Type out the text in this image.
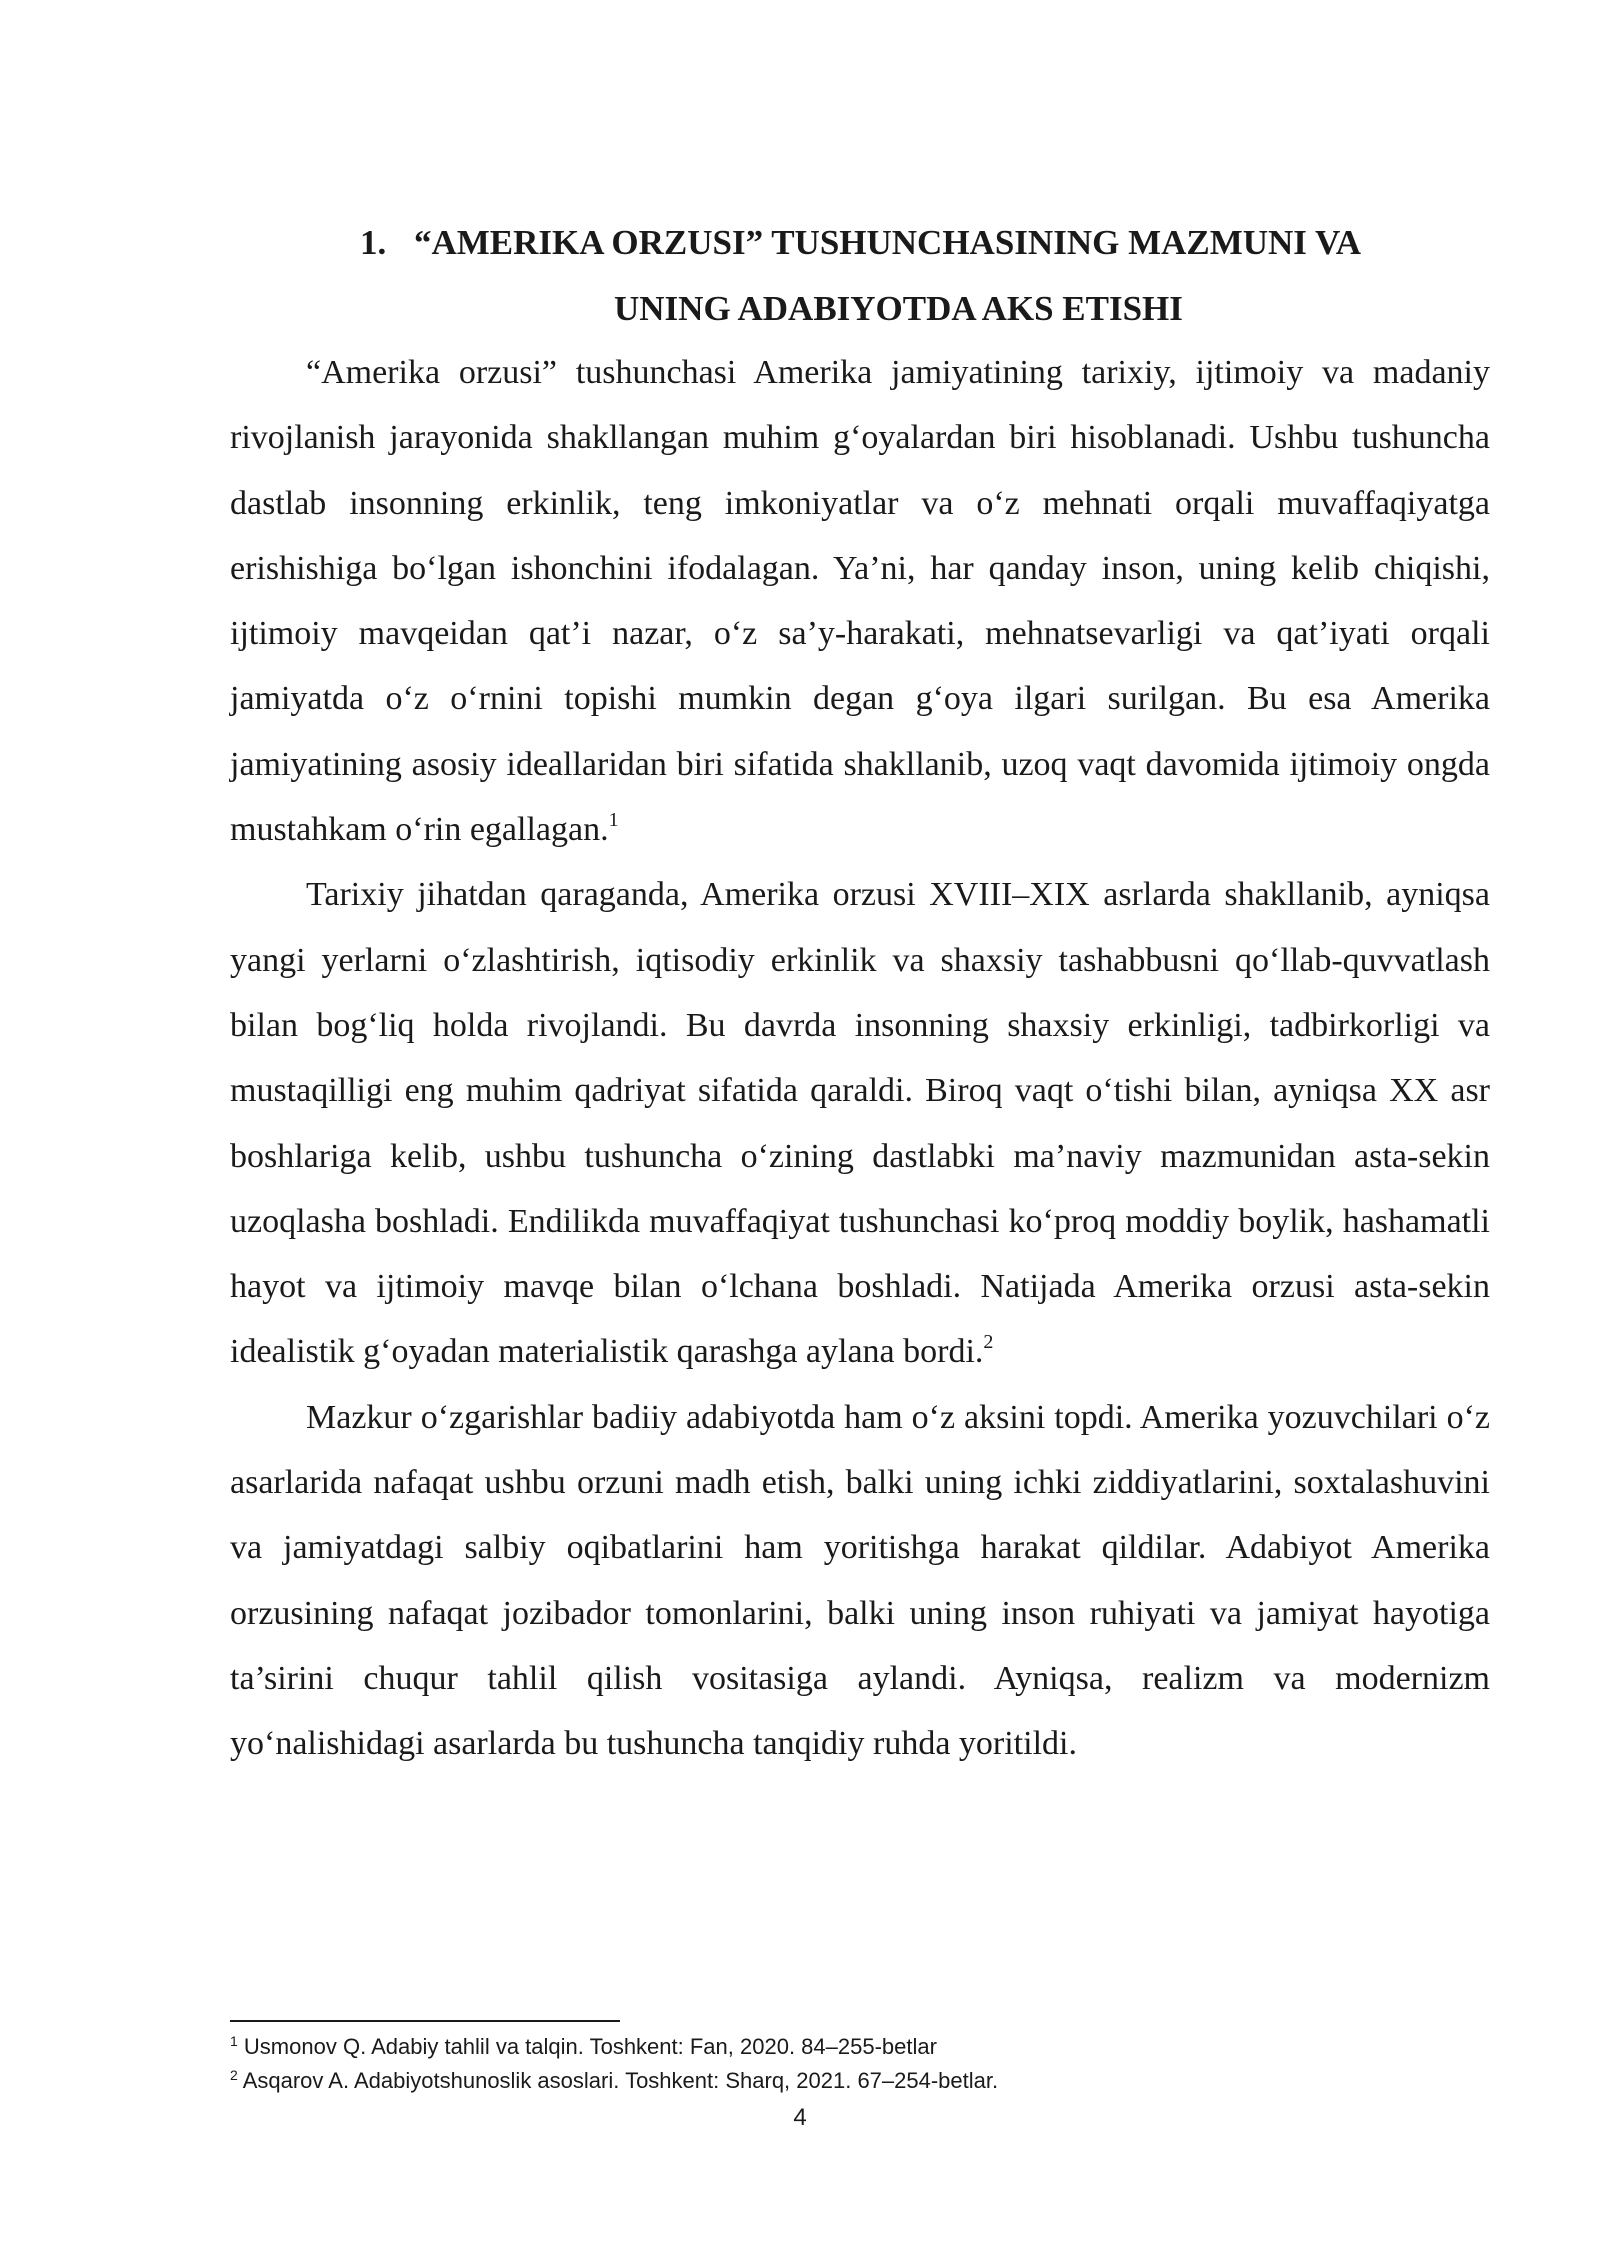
1. “AMERIKA ORZUSI” TUSHUNCHASINING MAZMUNI VA
UNING ADABIYOTDA AKS ETISHI

“Amerika orzusi” tushunchasi Amerika jamiyatining tarixiy, ijtimoiy va madaniy rivojlanish jarayonida shakllangan muhim g‘oyalardan biri hisoblanadi. Ushbu tushuncha dastlab insonning erkinlik, teng imkoniyatlar va o‘z mehnati orqali muvaffaqiyatga erishishiga bo‘lgan ishonchini ifodalagan. Ya’ni, har qanday inson, uning kelib chiqishi, ijtimoiy mavqeidan qat’i nazar, o‘z sa’y-harakati, mehnatsevarligi va qat’iyati orqali jamiyatda o‘z o‘rnini topishi mumkin degan g‘oya ilgari surilgan. Bu esa Amerika jamiyatining asosiy ideallaridan biri sifatida shakllanib, uzoq vaqt davomida ijtimoiy ongda mustahkam o‘rin egallagan.$^1$

Tarixiy jihatdan qaraganda, Amerika orzusi XVIII–XIX asrlarda shakllanib, ayniqsa yangi yerlarni o‘zlashtirish, iqtisodiy erkinlik va shaxsiy tashabbusni qo‘llab-quvvatlash bilan bog‘liq holda rivojlandi. Bu davrda insonning shaxsiy erkinligi, tadbirkorligi va mustaqilligi eng muhim qadriyat sifatida qaraldi. Biroq vaqt o‘tishi bilan, ayniqsa XX asr boshlariga kelib, ushbu tushuncha o‘zining dastlabki ma’naviy mazmunidan asta-sekin uzoqlasha boshladi. Endilikda muvaffaqiyat tushunchasi ko‘proq moddiy boylik, hashamatli hayot va ijtimoiy mavqe bilan o‘lchana boshladi. Natijada Amerika orzusi asta-sekin idealistik g‘oyadan materialistik qarashga aylana bordi.$^2$

Mazkur o‘zgarishlar badiiy adabiyotda ham o‘z aksini topdi. Amerika yozuvchilari o‘z asarlarida nafaqat ushbu orzuni madh etish, balki uning ichki ziddiyatlarini, soxtalashuvini va jamiyatdagi salbiy oqibatlarini ham yoritishga harakat qildilar. Adabiyot Amerika orzusining nafaqat jozibador tomonlarini, balki uning inson ruhiyati va jamiyat hayotiga ta’sirini chuqur tahlil qilish vositasiga aylandi. Ayniqsa, realizm va modernizm yo‘nalishidagi asarlarda bu tushuncha tanqidiy ruhda yoritildi.

$^1$ Usmonov Q. Adabiy tahlil va talqin. Toshkent: Fan, 2020. 84–255-betlar
$^2$ Asqarov A. Adabiyotshunoslik asoslari. Toshkent: Sharq, 2021. 67–254-betlar.
4
